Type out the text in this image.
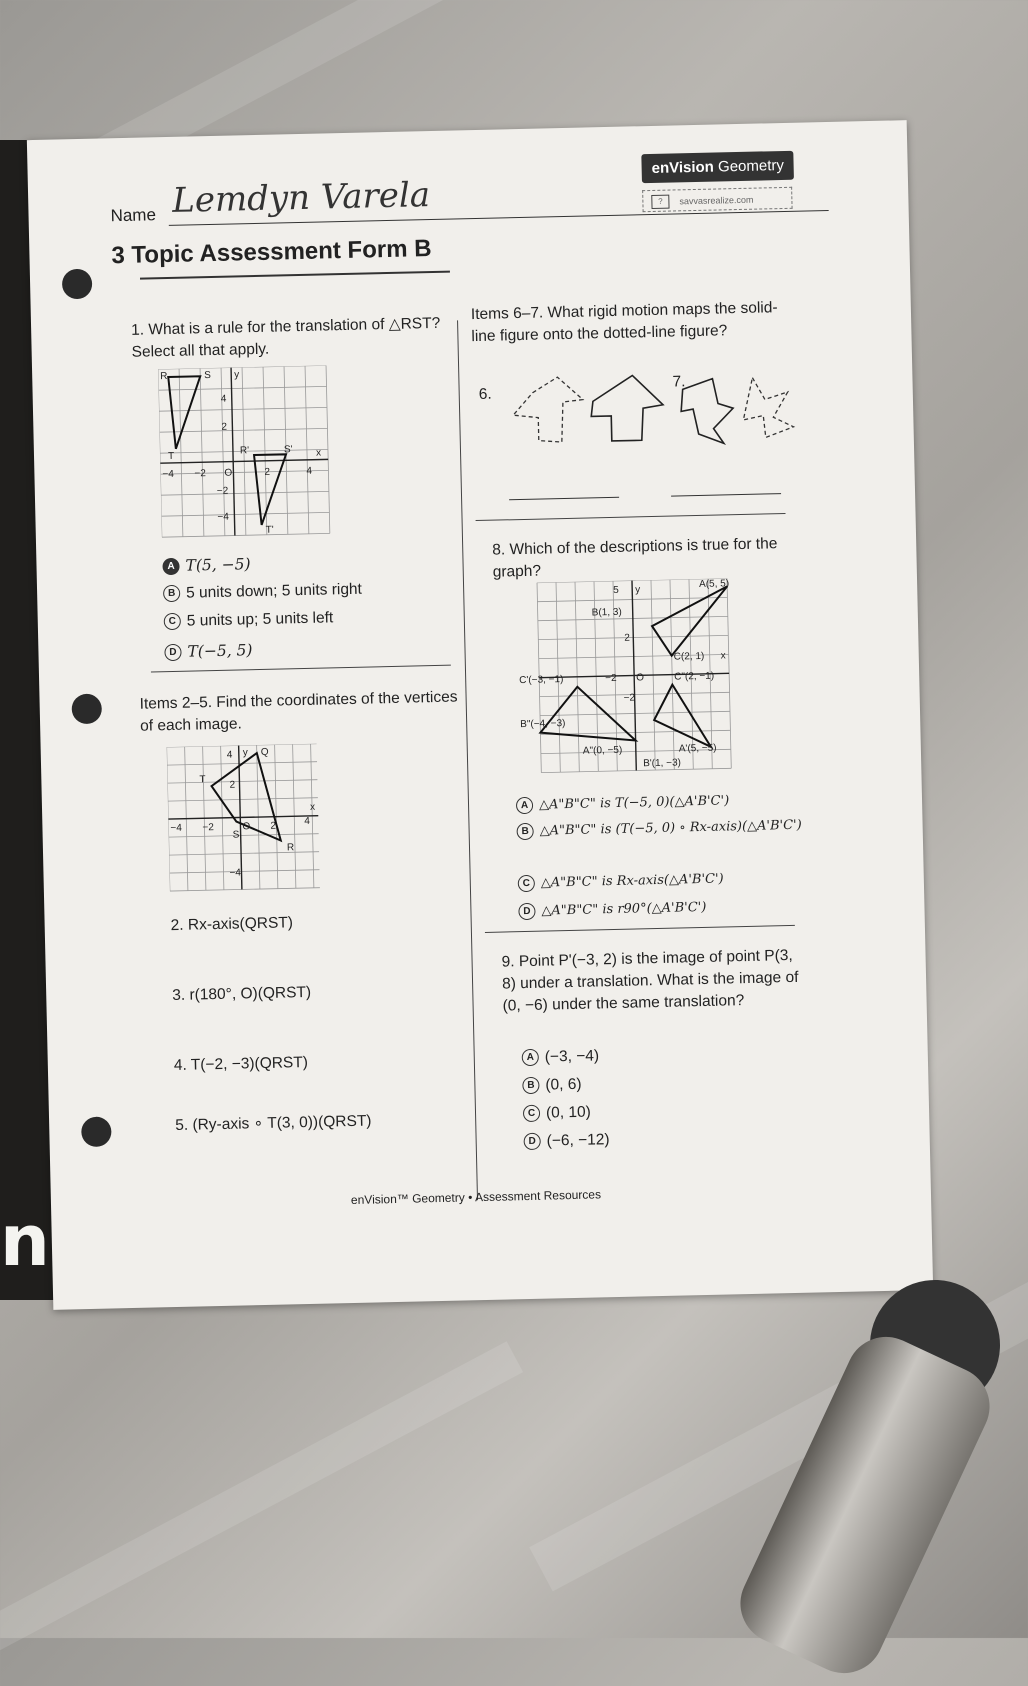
n
Name Lemdyn Varela
enVision Geometry
?	savvasrealize.com
3 Topic Assessment Form B
1. What is a rule for the translation of △RST? Select all that apply.
R	S y
4
2
T
R'	S' x
−4 −2 O	2	4
−2
−4
T'
A T(5, −5)
B 5 units down; 5 units right
C 5 units up; 5 units left
D T(−5, 5)
Items 2–5. Find the coordinates of the vertices of each image.
4 y Q
T 2
x
−4 −2	O 2	4
S
R
−4
2. Rx-axis(QRST)
3. r(180°, O)(QRST)
4. T(−2, −3)(QRST)
5. (Ry-axis ∘ T(3, 0))(QRST)
Items 6–7. What rigid motion maps the solid-line figure onto the dotted-line figure?
6.
7.
8. Which of the descriptions is true for the graph?
5 y	A(5, 5)
B(1, 3)
2
C(2, 1) x
C'(−3, −1)	−2 O	C"(2, −1)
−2
B"(−4, −3)
A"(0, −5)	A'(5, −5)
B'(1, −3)
A △A"B"C" is T(−5, 0)(△A'B'C')
B △A"B"C" is (T(−5, 0) ∘ Rx-axis)(△A'B'C')
C △A"B"C" is Rx-axis(△A'B'C')
D △A"B"C" is r90°(△A'B'C')
9. Point P'(−3, 2) is the image of point P(3, 8) under a translation. What is the image of (0, −6) under the same translation?
A (−3, −4)
B (0, 6)
C (0, 10)
D (−6, −12)
enVision™ Geometry • Assessment Resources
